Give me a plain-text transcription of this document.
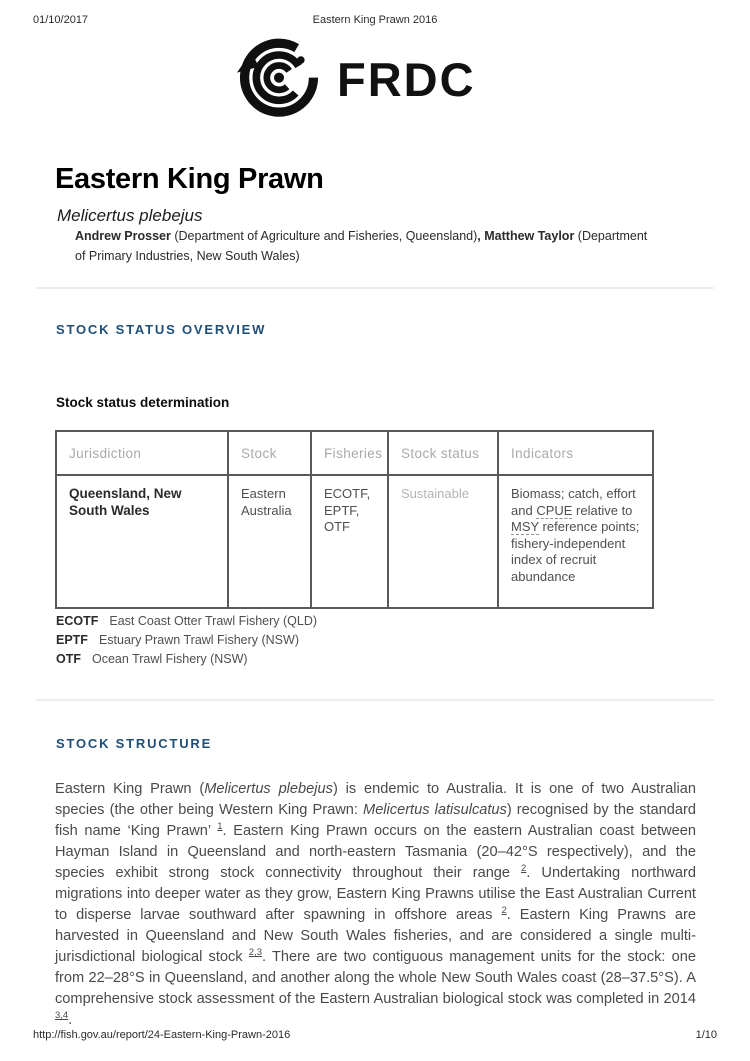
01/10/2017	Eastern King Prawn 2016
FRDC
Eastern King Prawn
Melicertus plebejus
Andrew Prosser (Department of Agriculture and Fisheries, Queensland), Matthew Taylor (Department of Primary Industries, New South Wales)
STOCK STATUS OVERVIEW
Stock status determination
Jurisdiction	Stock	Fisheries	Stock status	Indicators
Queensland, New South Wales	Eastern Australia	ECOTF, EPTF, OTF	Sustainable	Biomass; catch, effort and CPUE relative to MSY reference points; fishery-independent index of recruit abundance
ECOTF East Coast Otter Trawl Fishery (QLD)
EPTF Estuary Prawn Trawl Fishery (NSW)
OTF Ocean Trawl Fishery (NSW)
STOCK STRUCTURE
Eastern King Prawn (Melicertus plebejus) is endemic to Australia. It is one of two Australian species (the other being Western King Prawn: Melicertus latisulcatus) recognised by the standard fish name ‘King Prawn’ $^1$. Eastern King Prawn occurs on the eastern Australian coast between Hayman Island in Queensland and north-eastern Tasmania (20–42°S respectively), and the species exhibit strong stock connectivity throughout their range $^2$. Undertaking northward migrations into deeper water as they grow, Eastern King Prawns utilise the East Australian Current to disperse larvae southward after spawning in offshore areas $^2$. Eastern King Prawns are harvested in Queensland and New South Wales fisheries, and are considered a single multi-jurisdictional biological stock $^{2,3}$. There are two contiguous management units for the stock: one from 22–28°S in Queensland, and another along the whole New South Wales coast (28–37.5°S). A comprehensive stock assessment of the Eastern Australian biological stock was completed in 2014 $^{3,4}$.
http://fish.gov.au/report/24-Eastern-King-Prawn-2016	1/10
